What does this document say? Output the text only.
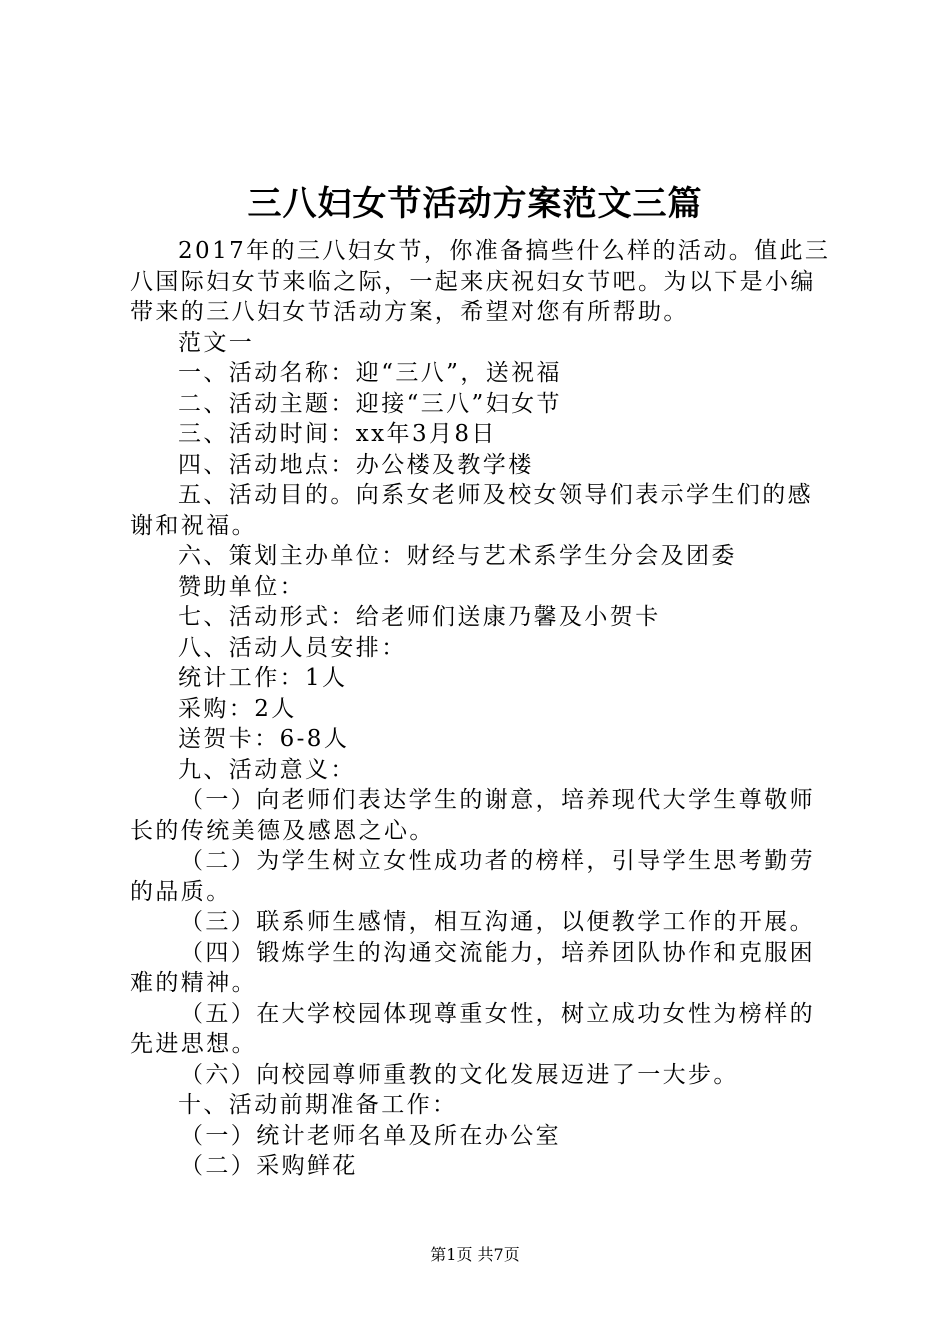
三八妇女节活动方案范文三篇
2017年的三八妇女节，你准备搞些什么样的活动。值此三
八国际妇女节来临之际，一起来庆祝妇女节吧。为以下是小编
带来的三八妇女节活动方案，希望对您有所帮助。
范文一
一、活动名称：迎“三八”，送祝福
二、活动主题：迎接“三八”妇女节
三、活动时间：xx年3月8日
四、活动地点：办公楼及教学楼
五、活动目的。向系女老师及校女领导们表示学生们的感
谢和祝福。
六、策划主办单位：财经与艺术系学生分会及团委
赞助单位：
七、活动形式：给老师们送康乃馨及小贺卡
八、活动人员安排：
统计工作：1人
采购：2人
送贺卡：6-8人
九、活动意义：
（一）向老师们表达学生的谢意，培养现代大学生尊敬师
长的传统美德及感恩之心。
（二）为学生树立女性成功者的榜样，引导学生思考勤劳
的品质。
（三）联系师生感情，相互沟通，以便教学工作的开展。
（四）锻炼学生的沟通交流能力，培养团队协作和克服困
难的精神。
（五）在大学校园体现尊重女性，树立成功女性为榜样的
先进思想。
（六）向校园尊师重教的文化发展迈进了一大步。
十、活动前期准备工作：
（一）统计老师名单及所在办公室
（二）采购鲜花
第1页 共7页
